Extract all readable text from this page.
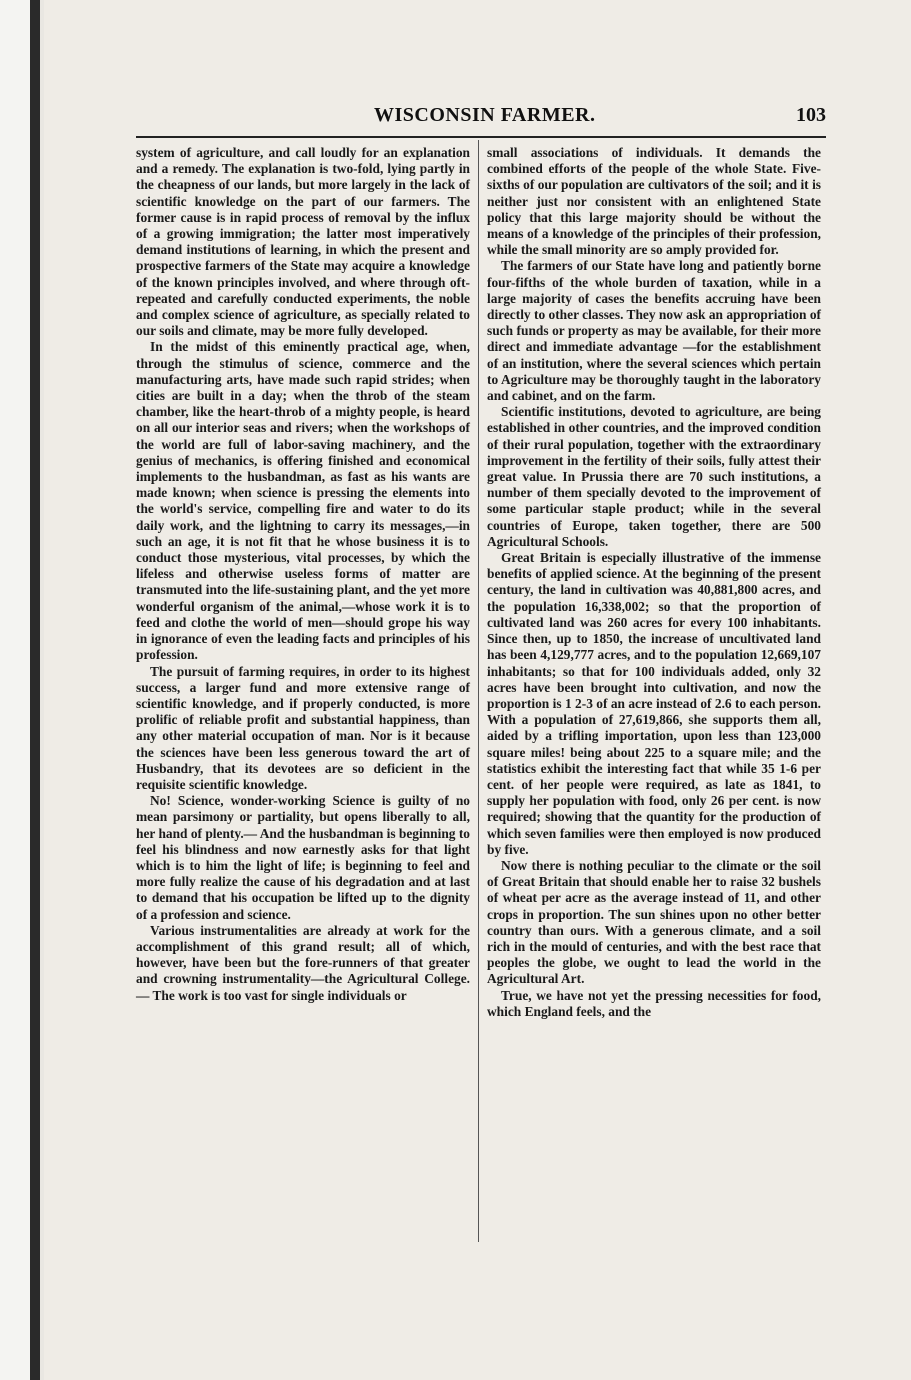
WISCONSIN FARMER.	103

system of agriculture, and call loudly for an explanation and a remedy. The explanation is two-fold, lying partly in the cheapness of our lands, but more largely in the lack of scientific knowledge on the part of our farmers. The former cause is in rapid process of removal by the influx of a growing immigration; the latter most imperatively demand institutions of learning, in which the present and prospective farmers of the State may acquire a knowledge of the known principles involved, and where through oft-repeated and carefully conducted experiments, the noble and complex science of agriculture, as specially related to our soils and climate, may be more fully developed.

In the midst of this eminently practical age, when, through the stimulus of science, commerce and the manufacturing arts, have made such rapid strides; when cities are built in a day; when the throb of the steam chamber, like the heart-throb of a mighty people, is heard on all our interior seas and rivers; when the workshops of the world are full of labor-saving machinery, and the genius of mechanics, is offering finished and economical implements to the husbandman, as fast as his wants are made known; when science is pressing the elements into the world's service, compelling fire and water to do its daily work, and the lightning to carry its messages,—in such an age, it is not fit that he whose business it is to conduct those mysterious, vital processes, by which the lifeless and otherwise useless forms of matter are transmuted into the life-sustaining plant, and the yet more wonderful organism of the animal,—whose work it is to feed and clothe the world of men—should grope his way in ignorance of even the leading facts and principles of his profession.

The pursuit of farming requires, in order to its highest success, a larger fund and more extensive range of scientific knowledge, and if properly conducted, is more prolific of reliable profit and substantial happiness, than any other material occupation of man. Nor is it because the sciences have been less generous toward the art of Husbandry, that its devotees are so deficient in the requisite scientific knowledge.

No! Science, wonder-working Science is guilty of no mean parsimony or partiality, but opens liberally to all, her hand of plenty.— And the husbandman is beginning to feel his blindness and now earnestly asks for that light which is to him the light of life; is beginning to feel and more fully realize the cause of his degradation and at last to demand that his occupation be lifted up to the dignity of a profession and science.

Various instrumentalities are already at work for the accomplishment of this grand result; all of which, however, have been but the fore-runners of that greater and crowning instrumentality—the Agricultural College.— The work is too vast for single individuals or

small associations of individuals. It demands the combined efforts of the people of the whole State. Five-sixths of our population are cultivators of the soil; and it is neither just nor consistent with an enlightened State policy that this large majority should be without the means of a knowledge of the principles of their profession, while the small minority are so amply provided for.

The farmers of our State have long and patiently borne four-fifths of the whole burden of taxation, while in a large majority of cases the benefits accruing have been directly to other classes. They now ask an appropriation of such funds or property as may be available, for their more direct and immediate advantage —for the establishment of an institution, where the several sciences which pertain to Agriculture may be thoroughly taught in the laboratory and cabinet, and on the farm.

Scientific institutions, devoted to agriculture, are being established in other countries, and the improved condition of their rural population, together with the extraordinary improvement in the fertility of their soils, fully attest their great value. In Prussia there are 70 such institutions, a number of them specially devoted to the improvement of some particular staple product; while in the several countries of Europe, taken together, there are 500 Agricultural Schools.

Great Britain is especially illustrative of the immense benefits of applied science. At the beginning of the present century, the land in cultivation was 40,881,800 acres, and the population 16,338,002; so that the proportion of cultivated land was 260 acres for every 100 inhabitants. Since then, up to 1850, the increase of uncultivated land has been 4,129,777 acres, and to the population 12,669,107 inhabitants; so that for 100 individuals added, only 32 acres have been brought into cultivation, and now the proportion is 1 2-3 of an acre instead of 2.6 to each person. With a population of 27,619,866, she supports them all, aided by a trifling importation, upon less than 123,000 square miles! being about 225 to a square mile; and the statistics exhibit the interesting fact that while 35 1-6 per cent. of her people were required, as late as 1841, to supply her population with food, only 26 per cent. is now required; showing that the quantity for the production of which seven families were then employed is now produced by five.

Now there is nothing peculiar to the climate or the soil of Great Britain that should enable her to raise 32 bushels of wheat per acre as the average instead of 11, and other crops in proportion. The sun shines upon no other better country than ours. With a generous climate, and a soil rich in the mould of centuries, and with the best race that peoples the globe, we ought to lead the world in the Agricultural Art.

True, we have not yet the pressing necessities for food, which England feels, and the
